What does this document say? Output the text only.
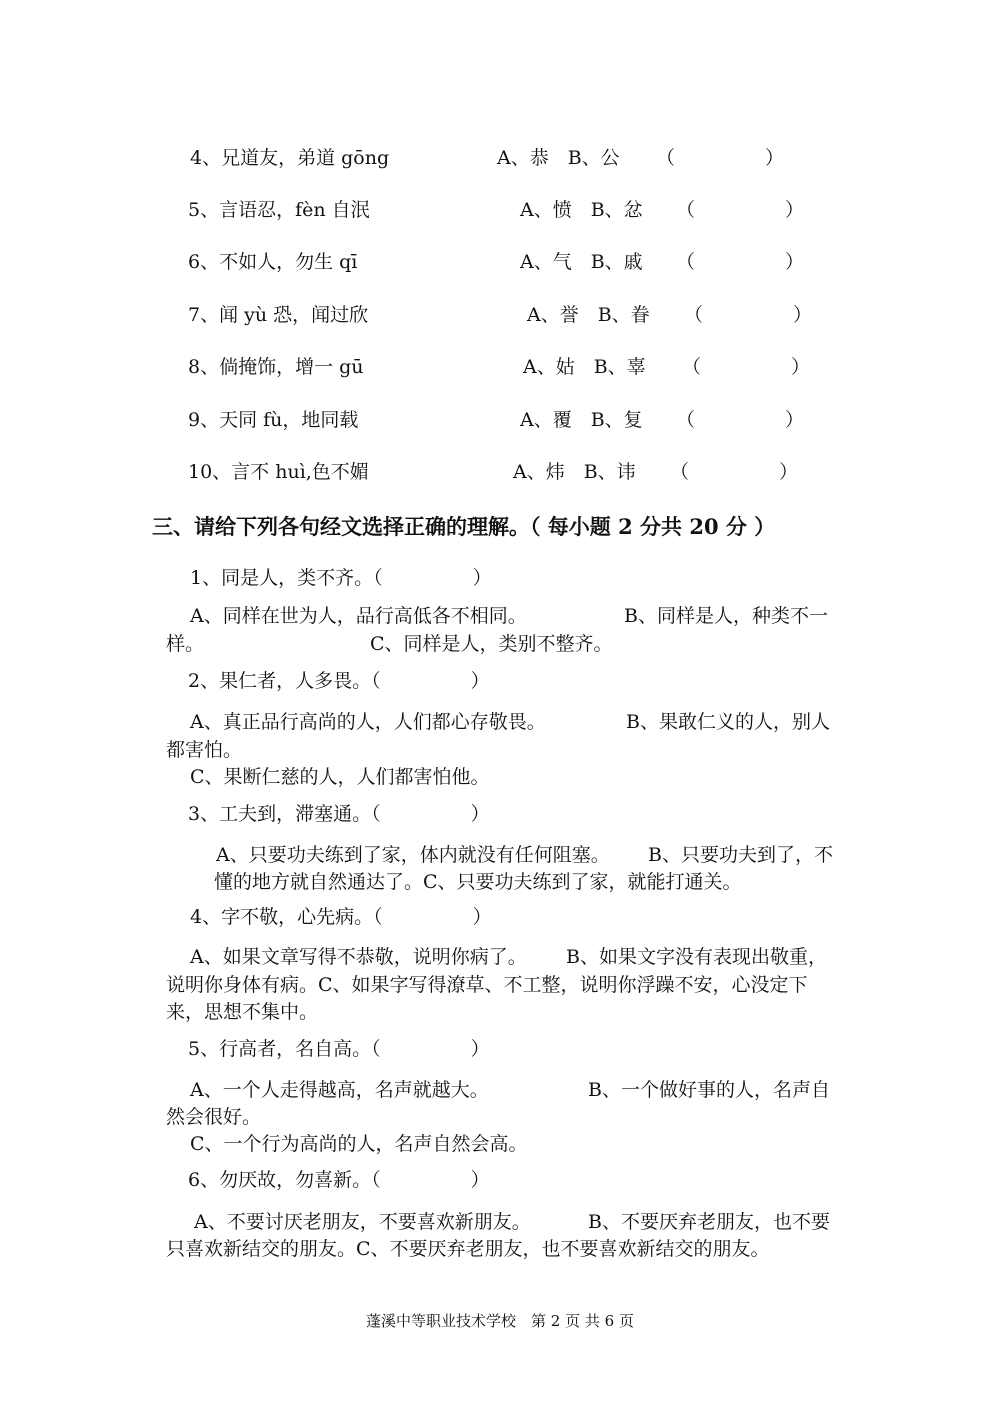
4、兄道友，弟道 gōng	A、恭　B、公 （	）
5、言语忍，fèn 自泯	A、愤　B、忿 （	）
6、不如人，勿生 qī	A、气　B、戚 （	）
7、闻 yù 恐，闻过欣	A、誉　B、眷 （	）
8、倘掩饰，增一 gū	A、姑　B、辜 （	）
9、天同 fù，地同载	A、覆　B、复 （	）
10、言不 huì,色不媚	A、炜　B、讳 （	）
三、请给下列各句经文选择正确的理解。（ 每小题 2 分共 20 分 ）
1、同是人，类不齐。（	）
A、同样在世为人，品行高低各不相同。	B、同样是人，种类不一
样。	C、同样是人，类别不整齐。
2、果仁者，人多畏。（	）
A、真正品行高尚的人，人们都心存敬畏。	B、果敢仁义的人，别人
都害怕。
C、果断仁慈的人，人们都害怕他。
3、工夫到，滞塞通。（	）
A、只要功夫练到了家，体内就没有任何阻塞。 B、只要功夫到了，不
懂的地方就自然通达了。C、只要功夫练到了家，就能打通关。
4、字不敬，心先病。（	）
A、如果文章写得不恭敬，说明你病了。 B、如果文字没有表现出敬重，
说明你身体有病。C、如果字写得潦草、不工整，说明你浮躁不安，心没定下
来，思想不集中。
5、行高者，名自高。（	）
A、一个人走得越高，名声就越大。	B、一个做好事的人，名声自
然会很好。
C、一个行为高尚的人，名声自然会高。
6、勿厌故，勿喜新。（	）
A、不要讨厌老朋友，不要喜欢新朋友。	B、不要厌弃老朋友，也不要
只喜欢新结交的朋友。C、不要厌弃老朋友，也不要喜欢新结交的朋友。
蓬溪中等职业技术学校　第 2 页 共 6 页
